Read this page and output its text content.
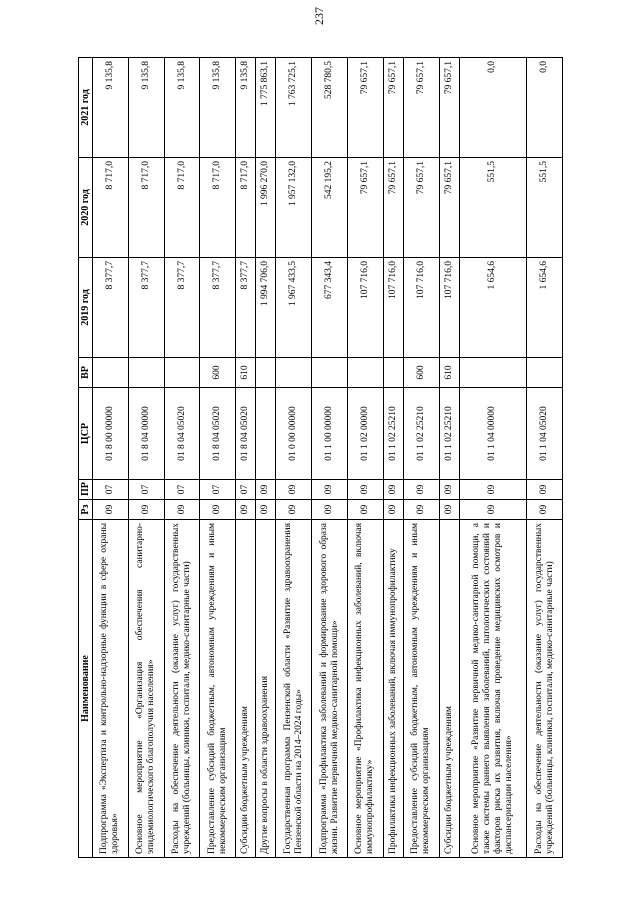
237
Наименование	Рз	ПР	ЦСР	ВР	2019 год	2020 год	2021 год
Подпрограмма «Экспертиза и контрольно-надзорные функции в сфере охраны здоровья»	09	07	01 8 00 00000		8 377,7	8 717,0	9 135,8
Основное мероприятие «Организация обеспечения санитарно-эпидемиологического благополучия населения»	09	07	01 8 04 00000		8 377,7	8 717,0	9 135,8
Расходы на обеспечение деятельности (оказание услуг) государственных учреждений (больницы, клиники, госпитали, медико-санитарные части)	09	07	01 8 04 05020		8 377,7	8 717,0	9 135,8
Предоставление субсидий бюджетным, автономным учреждениям и иным некоммерческим организациям	09	07	01 8 04 05020	600	8 377,7	8 717,0	9 135,8
Субсидии бюджетным учреждениям	09	07	01 8 04 05020	610	8 377,7	8 717,0	9 135,8
Другие вопросы в области здравоохранения	09	09			1 994 706,0	1 996 270,0	1 775 863,1
Государственная программа Пензенской области «Развитие здравоохранения Пензенской области на 2014–2024 годы»	09	09	01 0 00 00000		1 967 433,5	1 957 132,0	1 763 725,1
Подпрограмма «Профилактика заболеваний и формирование здорового образа жизни. Развитие первичной медико-санитарной помощи»	09	09	01 1 00 00000		677 343,4	542 195,2	528 780,5
Основное мероприятие «Профилактика инфекционных заболеваний, включая иммунопрофилактику»	09	09	01 1 02 00000		107 716,0	79 657,1	79 657,1
Профилактика инфекционных заболеваний, включая иммунопрофилактику	09	09	01 1 02 25210		107 716,0	79 657,1	79 657,1
Предоставление субсидий бюджетным, автономным учреждениям и иным некоммерческим организациям	09	09	01 1 02 25210	600	107 716,0	79 657,1	79 657,1
Субсидии бюджетным учреждениям	09	09	01 1 02 25210	610	107 716,0	79 657,1	79 657,1
Основное мероприятие «Развитие первичной медико-санитарной помощи, а также системы раннего выявления заболеваний, патологических состояний и факторов риска их развития, включая проведение медицинских осмотров и диспансеризации населения»	09	09	01 1 04 00000		1 654,6	551,5	0,0
Расходы на обеспечение деятельности (оказание услуг) государственных учреждений (больницы, клиники, госпитали, медико-санитарные части)	09	09	01 1 04 05020		1 654,6	551,5	0,0
